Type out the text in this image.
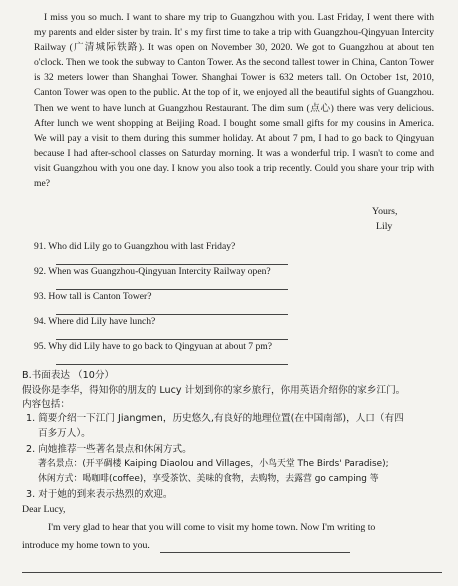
I miss you so much. I want to share my trip to Guangzhou with you. Last Friday, I went there with my parents and elder sister by train. It' s my first time to take a trip with Guangzhou-Qingyuan Intercity Railway (广清城际铁路). It was open on November 30, 2020. We got to Guangzhou at about ten o'clock. Then we took the subway to Canton Tower. As the second tallest tower in China, Canton Tower is 32 meters lower than Shanghai Tower. Shanghai Tower is 632 meters tall. On October 1st, 2010, Canton Tower was open to the public. At the top of it, we enjoyed all the beautiful sights of Guangzhou. Then we went to have lunch at Guangzhou Restaurant. The dim sum (点心) there was very delicious. After lunch we went shopping at Beijing Road. I bought some small gifts for my cousins in America. We will pay a visit to them during this summer holiday. At about 7 pm, I had to go back to Qingyuan because I had after-school classes on Saturday morning. It was a wonderful trip. I wasn't to come and visit Guangzhou with you one day. I know you also took a trip recently. Could you share your trip with me?
Yours,
Lily
91. Who did Lily go to Guangzhou with last Friday?
92. When was Guangzhou-Qingyuan Intercity Railway open?
93. How tall is Canton Tower?
94. Where did Lily have lunch?
95. Why did Lily have to go back to Qingyuan at about 7 pm?
B.书面表达 （10分）
假设你是李华，得知你的朋友的 Lucy 计划到你的家乡旅行，你用英语介绍你的家乡江门。
内容包括：
1. 简要介绍一下江门 Jiangmen，历史悠久,有良好的地理位置(在中国南部)，人口（有四
百多万人）。
2. 向她推荐一些著名景点和休闲方式。
著名景点：(开平碉楼 Kaiping Diaolou and Villages，小鸟天堂 The Birds' Paradise);
休闲方式：喝咖啡(coffee)，享受茶饮、美味的食物，去购物，去露营 go camping 等
3. 对于她的到来表示热烈的欢迎。
Dear Lucy,
I'm very glad to hear that you will come to visit my home town. Now I'm writing to
introduce my home town to you.
